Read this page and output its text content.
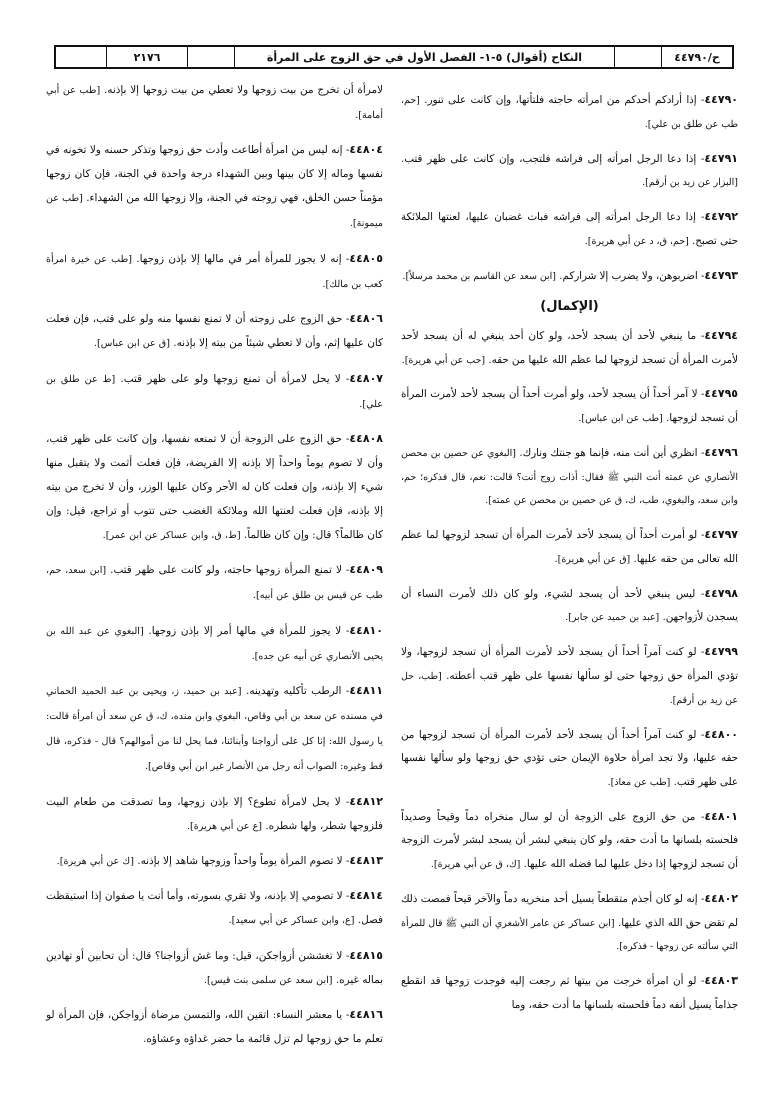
ح/٤٤٧٩٠
النكاح (أقوال) ٥-١- الفصل الأول في حق الزوج على المرأة
٢١٧٦

٤٤٧٩٠- إذا أرادكم أحدكم من امرأته حاجته فلتأتها، وإن كانت على تنور. [حم، طب عن طلق بن علي].

٤٤٧٩١- إذا دعا الرجل امرأته إلى فراشه فلتجب، وإن كانت على ظهر قتب. [البزار عن زيد بن أرقم].

٤٤٧٩٢- إذا دعا الرجل امرأته إلى فراشه فبات غضبان عليها، لعنتها الملائكة حتى تصبح. [حم، ق، د عن أبي هريرة].

٤٤٧٩٣- اضربوهن، ولا يضرب إلا شراركم. [ابن سعد عن القاسم بن محمد مرسلاً].

(الإكمال)

٤٤٧٩٤- ما ينبغي لأحد أن يسجد لأحد، ولو كان أحد ينبغي له أن يسجد لأحد لأمرت المرأة أن تسجد لزوجها لما عظم الله عليها من حقه. [حب عن أبي هريرة].

٤٤٧٩٥- لا آمر أحداً أن يسجد لأحد، ولو أمرت أحداً أن يسجد لأحد لأمرت المرأة أن تسجد لزوجها. [طب عن ابن عباس].

٤٤٧٩٦- انظري أين أنت منه، فإنما هو جنتك ونارك. [البغوي عن حصين بن محصن الأنصاري عن عمته أنت النبي ﷺ فقال: أذات زوج أنت؟ قالت: نعم، قال فذكره؛ حم، وابن سعد، والبغوي، طب، ك، ق عن حصين بن محصن عن عمته].

٤٤٧٩٧- لو أمرت أحداً أن يسجد لأحد لأمرت المرأة أن تسجد لزوجها لما عظم الله تعالى من حقه عليها. [ق عن أبي هريرة].

٤٤٧٩٨- ليس ينبغي لأحد أن يسجد لشيء، ولو كان ذلك لأمرت النساء أن يسجدن لأزواجهن. [عبد بن حميد عن جابر].

٤٤٧٩٩- لو كنت آمراً أحداً أن يسجد لأحد لأمرت المرأة أن تسجد لزوجها، ولا تؤدي المرأة حق زوجها حتى لو سألها نفسها على ظهر قتب أعطته. [طب، حل عن زيد بن أرقم].

٤٤٨٠٠- لو كنت آمراً أحداً أن يسجد لأحد لأمرت المرأة أن تسجد لزوجها من حقه عليها، ولا تجد امرأة حلاوة الإيمان حتى تؤدي حق زوجها ولو سألها نفسها على ظهر قتب. [طب عن معاذ].

٤٤٨٠١- من حق الزوج على الزوجة أن لو سال منخراه دماً وقيحاً وصديداً فلحسته بلسانها ما أدت حقه، ولو كان ينبغي لبشر أن يسجد لبشر لأمرت الزوجة أن تسجد لزوجها إذا دخل عليها لما فضله الله عليها. [ك، ق عن أبي هريرة].

٤٤٨٠٢- إنه لو كان أجذم متقطعاً يسيل أحد منخريه دماً والآخر قيحاً فمصت ذلك لم تقض حق الله الذي عليها. [ابن عساكر عن عامر الأشعري أن النبي ﷺ قال للمرأة التي سألته عن زوجها - فذكره].

٤٤٨٠٣- لو أن امرأة خرجت من بيتها ثم رجعت إليه فوجدت زوجها قد انقطع جذاماً يسيل أنفه دماً فلحسته بلسانها ما أدت حقه، وما

لامرأة أن تخرج من بيت زوجها ولا تعطي من بيت زوجها إلا بإذنه. [طب عن أبي أمامة].

٤٤٨٠٤- إنه ليس من امرأة أطاعت وأدت حق زوجها وتذكر حسنه ولا تخونه في نفسها وماله إلا كان بينها وبين الشهداء درجة واحدة في الجنة، فإن كان زوجها مؤمناً حسن الخلق، فهي زوجته في الجنة، وإلا زوجها الله من الشهداء. [طب عن ميمونة].

٤٤٨٠٥- إنه لا يجوز للمرأة أمر في مالها إلا بإذن زوجها. [طب عن خيرة امرأة كعب بن مالك].

٤٤٨٠٦- حق الزوج على زوجته أن لا تمنع نفسها منه ولو على قتب، فإن فعلت كان عليها إثم، وأن لا تعطي شيئاً من بيته إلا بإذنه. [ق عن ابن عباس].

٤٤٨٠٧- لا يحل لامرأة أن تمنع زوجها ولو على ظهر قتب. [ط عن طلق بن علي].

٤٤٨٠٨- حق الزوج على الزوجة أن لا تمنعه نفسها، وإن كانت على ظهر قتب، وأن لا تصوم يوماً واحداً إلا بإذنه إلا الفريضة، فإن فعلت أثمت ولا يتقبل منها شيء إلا بإذنه، وإن فعلت كان له الأجر وكان عليها الوزر، وأن لا تخرج من بيته إلا بإذنه، فإن فعلت لعنتها الله وملائكة الغضب حتى تتوب أو تراجع، قيل: وإن كان ظالماً؟ قال: وإن كان ظالماً. [ط، ق، وابن عساكر عن ابن عمر].

٤٤٨٠٩- لا تمنع المرأة زوجها حاجته، ولو كانت على ظهر قتب. [ابن سعد، حم، طب عن قيس بن طلق عن أبيه].

٤٤٨١٠- لا يجوز للمرأة في مالها أمر إلا بإذن زوجها. [البغوي عن عبد الله بن يحيى الأنصاري عن أبيه عن جده].

٤٤٨١١- الرطب تأكليه وتهدينه. [عبد بن حميد، ز، ويحيى بن عبد الحميد الحماني في مسنده عن سعد بن أبي وقاص، البغوي وابن منده، ك، ق عن سعد أن امرأة قالت: يا رسول الله: إنا كل على أزواجنا وأبنائنا، فما يحل لنا من أموالهم؟ قال - فذكره، قال قط وغيره: الصواب أنه رجل من الأنصار غير ابن أبي وقاص].

٤٤٨١٢- لا يحل لامرأة تطوع؟ إلا بإذن زوجها، وما تصدقت من طعام البيت فلزوجها شطر، ولها شطره. [ع عن أبي هريرة].

٤٤٨١٣- لا تصوم المرأة يوماً واحداً وزوجها شاهد إلا بإذنه. [ك عن أبي هريرة].

٤٤٨١٤- لا تصومي إلا بإذنه، ولا تقري بسورته، وأما أنت يا صفوان إذا استيقظت فصل. [ع، وابن عساكر عن أبي سعيد].

٤٤٨١٥- لا تغششن أزواجكن، قيل: وما غش أزواجنا؟ قال: أن تحابين أو تهادين بماله غيره. [ابن سعد عن سلمى بنت قيس].

٤٤٨١٦- يا معشر النساء: اتقين الله، والتمسن مرضاة أزواجكن، فإن المرأة لو تعلم ما حق زوجها لم تزل قائمة ما حضر غداؤه وعشاؤه.
